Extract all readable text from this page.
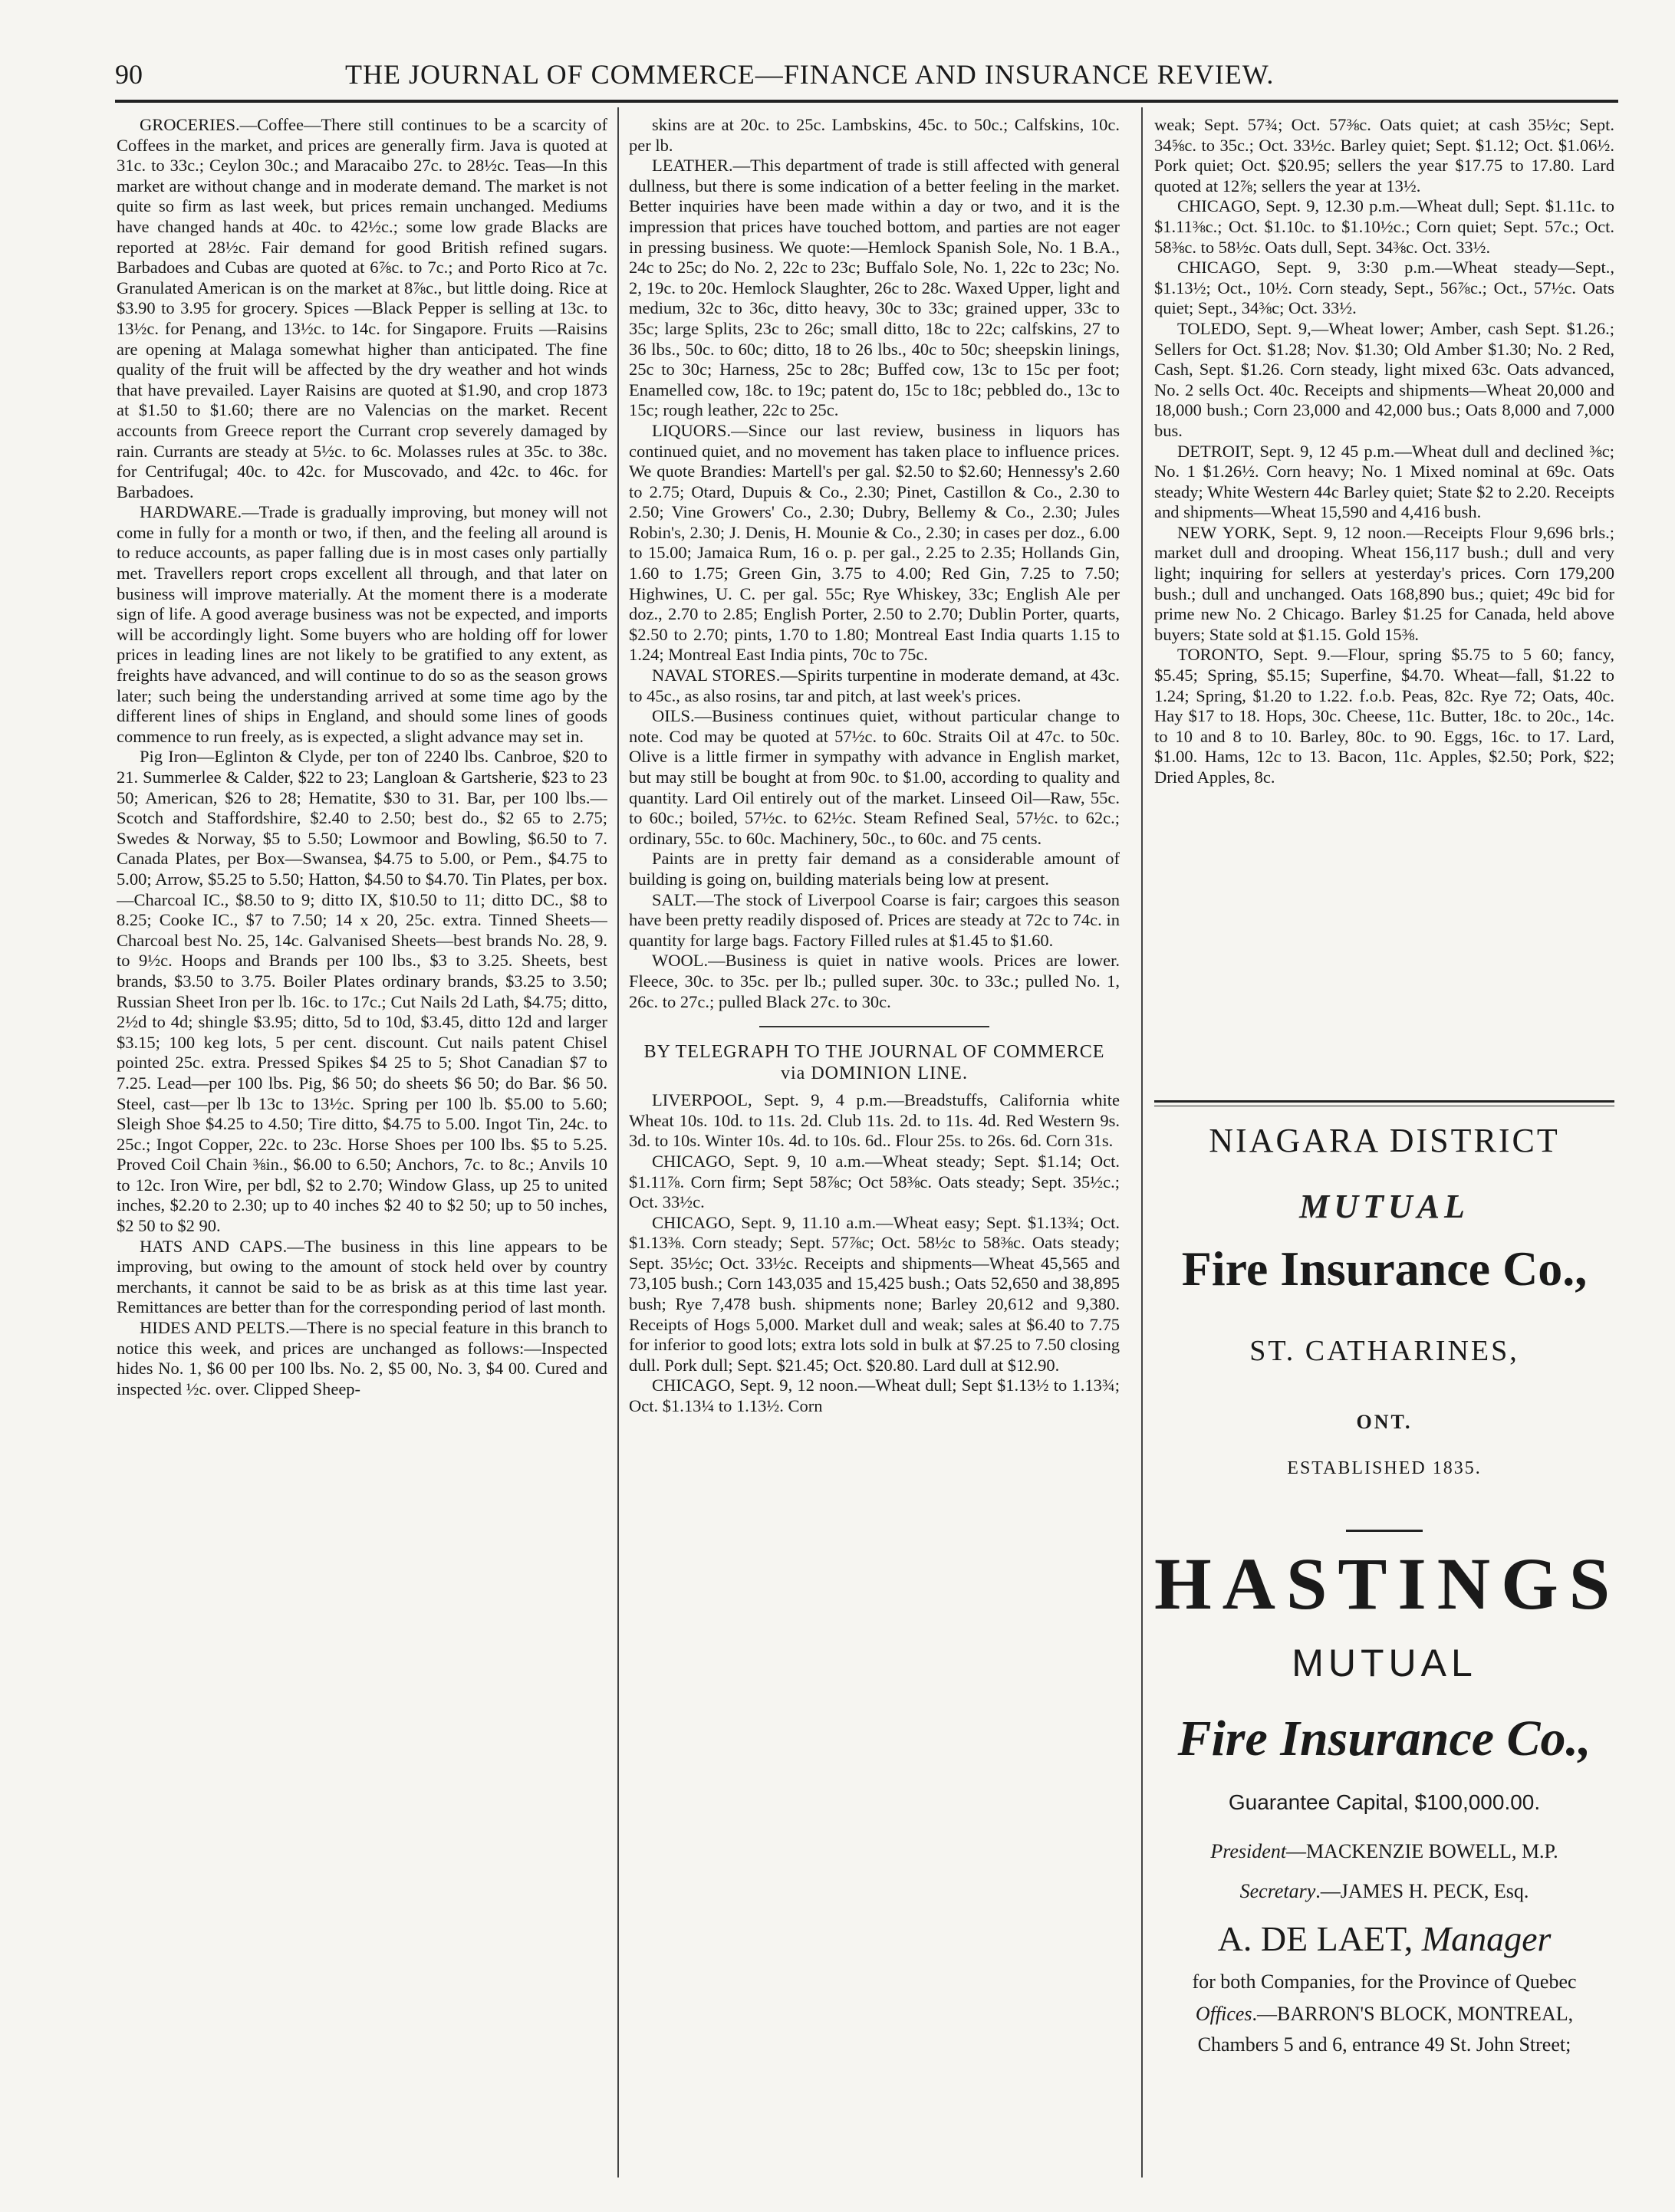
90	THE JOURNAL OF COMMERCE—FINANCE AND INSURANCE REVIEW.

GROCERIES.—Coffee—There still continues to be a scarcity of Coffees in the market, and prices are generally firm. Java is quoted at 31c. to 33c.; Ceylon 30c.; and Maracaibo 27c. to 28½c. Teas—In this market are without change and in moderate demand. The market is not quite so firm as last week, but prices remain unchanged. Mediums have changed hands at 40c. to 42½c.; some low grade Blacks are reported at 28½c. Fair demand for good British refined sugars. Barbadoes and Cubas are quoted at 6⅞c. to 7c.; and Porto Rico at 7c. Granulated American is on the market at 8⅞c., but little doing. Rice at $3.90 to 3.95 for grocery. Spices —Black Pepper is selling at 13c. to 13½c. for Penang, and 13½c. to 14c. for Singapore. Fruits —Raisins are opening at Malaga somewhat higher than anticipated. The fine quality of the fruit will be affected by the dry weather and hot winds that have prevailed. Layer Raisins are quoted at $1.90, and crop 1873 at $1.50 to $1.60; there are no Valencias on the market. Recent accounts from Greece report the Currant crop severely damaged by rain. Currants are steady at 5½c. to 6c. Molasses rules at 35c. to 38c. for Centrifugal; 40c. to 42c. for Muscovado, and 42c. to 46c. for Barbadoes.

HARDWARE.—Trade is gradually improving, but money will not come in fully for a month or two, if then, and the feeling all around is to reduce accounts, as paper falling due is in most cases only partially met. Travellers report crops excellent all through, and that later on business will improve materially. At the moment there is a moderate sign of life. A good average business was not be expected, and imports will be accordingly light. Some buyers who are holding off for lower prices in leading lines are not likely to be gratified to any extent, as freights have advanced, and will continue to do so as the season grows later; such being the understanding arrived at some time ago by the different lines of ships in England, and should some lines of goods commence to run freely, as is expected, a slight advance may set in.

Pig Iron—Eglinton & Clyde, per ton of 2240 lbs. Canbroe, $20 to 21. Summerlee & Calder, $22 to 23; Langloan & Gartsherie, $23 to 23 50; American, $26 to 28; Hematite, $30 to 31. Bar, per 100 lbs.—Scotch and Staffordshire, $2.40 to 2.50; best do., $2 65 to 2.75; Swedes & Norway, $5 to 5.50; Lowmoor and Bowling, $6.50 to 7. Canada Plates, per Box—Swansea, $4.75 to 5.00, or Pem., $4.75 to 5.00; Arrow, $5.25 to 5.50; Hatton, $4.50 to $4.70. Tin Plates, per box.—Charcoal IC., $8.50 to 9; ditto IX, $10.50 to 11; ditto DC., $8 to 8.25; Cooke IC., $7 to 7.50; 14 x 20, 25c. extra. Tinned Sheets—Charcoal best No. 25, 14c. Galvanised Sheets—best brands No. 28, 9. to 9½c. Hoops and Brands per 100 lbs., $3 to 3.25. Sheets, best brands, $3.50 to 3.75. Boiler Plates ordinary brands, $3.25 to 3.50; Russian Sheet Iron per lb. 16c. to 17c.; Cut Nails 2d Lath, $4.75; ditto, 2½d to 4d; shingle $3.95; ditto, 5d to 10d, $3.45, ditto 12d and larger $3.15; 100 keg lots, 5 per cent. discount. Cut nails patent Chisel pointed 25c. extra. Pressed Spikes $4 25 to 5; Shot Canadian $7 to 7.25. Lead—per 100 lbs. Pig, $6 50; do sheets $6 50; do Bar. $6 50. Steel, cast—per lb 13c to 13½c. Spring per 100 lb. $5.00 to 5.60; Sleigh Shoe $4.25 to 4.50; Tire ditto, $4.75 to 5.00. Ingot Tin, 24c. to 25c.; Ingot Copper, 22c. to 23c. Horse Shoes per 100 lbs. $5 to 5.25. Proved Coil Chain ⅜in., $6.00 to 6.50; Anchors, 7c. to 8c.; Anvils 10 to 12c. Iron Wire, per bdl, $2 to 2.70; Window Glass, up 25 to united inches, $2.20 to 2.30; up to 40 inches $2 40 to $2 50; up to 50 inches, $2 50 to $2 90.

HATS AND CAPS.—The business in this line appears to be improving, but owing to the amount of stock held over by country merchants, it cannot be said to be as brisk as at this time last year. Remittances are better than for the corresponding period of last month.

HIDES AND PELTS.—There is no special feature in this branch to notice this week, and prices are unchanged as follows:—Inspected hides No. 1, $6 00 per 100 lbs. No. 2, $5 00, No. 3, $4 00. Cured and inspected ½c. over. Clipped Sheep-

skins are at 20c. to 25c. Lambskins, 45c. to 50c.; Calfskins, 10c. per lb.

LEATHER.—This department of trade is still affected with general dullness, but there is some indication of a better feeling in the market. Better inquiries have been made within a day or two, and it is the impression that prices have touched bottom, and parties are not eager in pressing business. We quote:—Hemlock Spanish Sole, No. 1 B.A., 24c to 25c; do No. 2, 22c to 23c; Buffalo Sole, No. 1, 22c to 23c; No. 2, 19c. to 20c. Hemlock Slaughter, 26c to 28c. Waxed Upper, light and medium, 32c to 36c, ditto heavy, 30c to 33c; grained upper, 33c to 35c; large Splits, 23c to 26c; small ditto, 18c to 22c; calfskins, 27 to 36 lbs., 50c. to 60c; ditto, 18 to 26 lbs., 40c to 50c; sheepskin linings, 25c to 30c; Harness, 25c to 28c; Buffed cow, 13c to 15c per foot; Enamelled cow, 18c. to 19c; patent do, 15c to 18c; pebbled do., 13c to 15c; rough leather, 22c to 25c.

LIQUORS.—Since our last review, business in liquors has continued quiet, and no movement has taken place to influence prices. We quote Brandies: Martell's per gal. $2.50 to $2.60; Hennessy's 2.60 to 2.75; Otard, Dupuis & Co., 2.30; Pinet, Castillon & Co., 2.30 to 2.50; Vine Growers' Co., 2.30; Dubry, Bellemy & Co., 2.30; Jules Robin's, 2.30; J. Denis, H. Mounie & Co., 2.30; in cases per doz., 6.00 to 15.00; Jamaica Rum, 16 o. p. per gal., 2.25 to 2.35; Hollands Gin, 1.60 to 1.75; Green Gin, 3.75 to 4.00; Red Gin, 7.25 to 7.50; Highwines, U. C. per gal. 55c; Rye Whiskey, 33c; English Ale per doz., 2.70 to 2.85; English Porter, 2.50 to 2.70; Dublin Porter, quarts, $2.50 to 2.70; pints, 1.70 to 1.80; Montreal East India quarts 1.15 to 1.24; Montreal East India pints, 70c to 75c.

NAVAL STORES.—Spirits turpentine in moderate demand, at 43c. to 45c., as also rosins, tar and pitch, at last week's prices.

OILS.—Business continues quiet, without particular change to note. Cod may be quoted at 57½c. to 60c. Straits Oil at 47c. to 50c. Olive is a little firmer in sympathy with advance in English market, but may still be bought at from 90c. to $1.00, according to quality and quantity. Lard Oil entirely out of the market. Linseed Oil—Raw, 55c. to 60c.; boiled, 57½c. to 62½c. Steam Refined Seal, 57½c. to 62c.; ordinary, 55c. to 60c. Machinery, 50c., to 60c. and 75 cents.

Paints are in pretty fair demand as a considerable amount of building is going on, building materials being low at present.

SALT.—The stock of Liverpool Coarse is fair; cargoes this season have been pretty readily disposed of. Prices are steady at 72c to 74c. in quantity for large bags. Factory Filled rules at $1.45 to $1.60.

WOOL.—Business is quiet in native wools. Prices are lower. Fleece, 30c. to 35c. per lb.; pulled super. 30c. to 33c.; pulled No. 1, 26c. to 27c.; pulled Black 27c. to 30c.

BY TELEGRAPH TO THE JOURNAL OF COMMERCE via DOMINION LINE.

LIVERPOOL, Sept. 9, 4 p.m.—Breadstuffs, California white Wheat 10s. 10d. to 11s. 2d. Club 11s. 2d. to 11s. 4d. Red Western 9s. 3d. to 10s. Winter 10s. 4d. to 10s. 6d.. Flour 25s. to 26s. 6d. Corn 31s.

CHICAGO, Sept. 9, 10 a.m.—Wheat steady; Sept. $1.14; Oct. $1.11⅞. Corn firm; Sept 58⅞c; Oct 58⅜c. Oats steady; Sept. 35½c.; Oct. 33½c.

CHICAGO, Sept. 9, 11.10 a.m.—Wheat easy; Sept. $1.13¾; Oct. $1.13⅜. Corn steady; Sept. 57⅞c; Oct. 58½c to 58⅜c. Oats steady; Sept. 35½c; Oct. 33½c. Receipts and shipments—Wheat 45,565 and 73,105 bush.; Corn 143,035 and 15,425 bush.; Oats 52,650 and 38,895 bush; Rye 7,478 bush. shipments none; Barley 20,612 and 9,380. Receipts of Hogs 5,000. Market dull and weak; sales at $6.40 to 7.75 for inferior to good lots; extra lots sold in bulk at $7.25 to 7.50 closing dull. Pork dull; Sept. $21.45; Oct. $20.80. Lard dull at $12.90.

CHICAGO, Sept. 9, 12 noon.—Wheat dull; Sept $1.13½ to 1.13¾; Oct. $1.13¼ to 1.13½. Corn

weak; Sept. 57¾; Oct. 57⅜c. Oats quiet; at cash 35½c; Sept. 34⅝c. to 35c.; Oct. 33½c. Barley quiet; Sept. $1.12; Oct. $1.06½. Pork quiet; Oct. $20.95; sellers the year $17.75 to 17.80. Lard quoted at 12⅞; sellers the year at 13½.

CHICAGO, Sept. 9, 12.30 p.m.—Wheat dull; Sept. $1.11c. to $1.11⅜c.; Oct. $1.10c. to $1.10½c.; Corn quiet; Sept. 57c.; Oct. 58⅜c. to 58½c. Oats dull, Sept. 34⅜c. Oct. 33½.

CHICAGO, Sept. 9, 3:30 p.m.—Wheat steady—Sept., $1.13½; Oct., 10½. Corn steady, Sept., 56⅞c.; Oct., 57½c. Oats quiet; Sept., 34⅜c; Oct. 33½.

TOLEDO, Sept. 9,—Wheat lower; Amber, cash Sept. $1.26.; Sellers for Oct. $1.28; Nov. $1.30; Old Amber $1.30; No. 2 Red, Cash, Sept. $1.26. Corn steady, light mixed 63c. Oats advanced, No. 2 sells Oct. 40c. Receipts and shipments—Wheat 20,000 and 18,000 bush.; Corn 23,000 and 42,000 bus.; Oats 8,000 and 7,000 bus.

DETROIT, Sept. 9, 12 45 p.m.—Wheat dull and declined ⅜c; No. 1 $1.26½. Corn heavy; No. 1 Mixed nominal at 69c. Oats steady; White Western 44c Barley quiet; State $2 to 2.20. Receipts and shipments—Wheat 15,590 and 4,416 bush.

NEW YORK, Sept. 9, 12 noon.—Receipts Flour 9,696 brls.; market dull and drooping. Wheat 156,117 bush.; dull and very light; inquiring for sellers at yesterday's prices. Corn 179,200 bush.; dull and unchanged. Oats 168,890 bus.; quiet; 49c bid for prime new No. 2 Chicago. Barley $1.25 for Canada, held above buyers; State sold at $1.15. Gold 15⅜.

TORONTO, Sept. 9.—Flour, spring $5.75 to 5 60; fancy, $5.45; Spring, $5.15; Superfine, $4.70. Wheat—fall, $1.22 to 1.24; Spring, $1.20 to 1.22. f.o.b. Peas, 82c. Rye 72; Oats, 40c. Hay $17 to 18. Hops, 30c. Cheese, 11c. Butter, 18c. to 20c., 14c. to 10 and 8 to 10. Barley, 80c. to 90. Eggs, 16c. to 17. Lard, $1.00. Hams, 12c to 13. Bacon, 11c. Apples, $2.50; Pork, $22; Dried Apples, 8c.

NIAGARA DISTRICT
MUTUAL
Fire Insurance Co.,
ST. CATHARINES,
ONT.
ESTABLISHED 1835.
HASTINGS
MUTUAL
Fire Insurance Co.,
Guarantee Capital, $100,000.00.
President—MACKENZIE BOWELL, M.P.
Secretary.—JAMES H. PECK, Esq.
A. DE LAET, Manager
for both Companies, for the Province of Quebec
Offices.—BARRON'S BLOCK, MONTREAL,
Chambers 5 and 6, entrance 49 St. John Street;
